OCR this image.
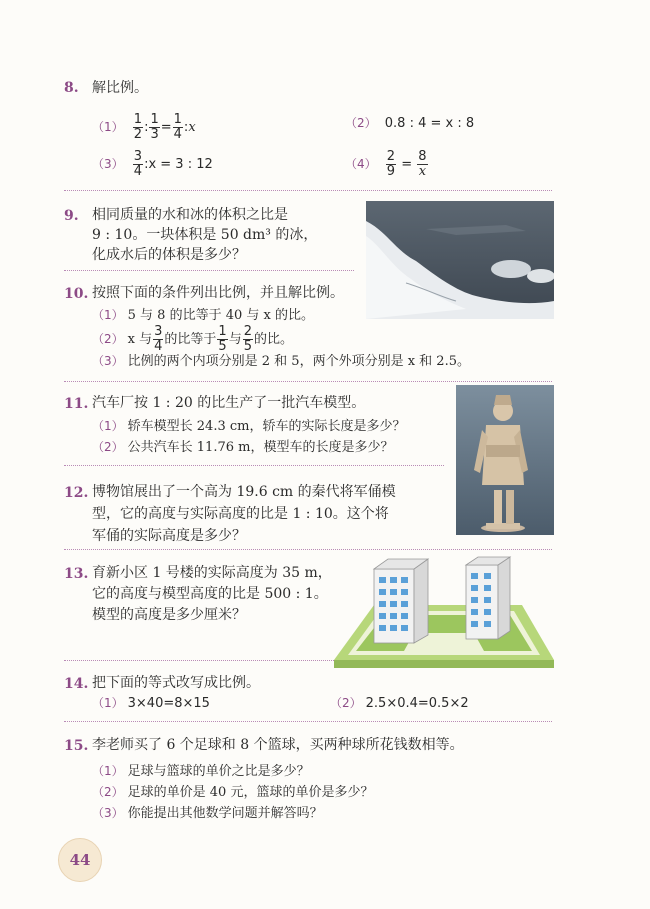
8. 解比例。
$(1) \frac{1}{2}$ : $\frac{1}{3} = \frac{1}{4}$ :x	（2） 0.8 : 4 = x : 8
$(3) \frac{3}{4}$ :x = 3 : 12	$(4) \frac{2}{9} = \frac{8}{x}$
9. 相同质量的水和冰的体积之比是
9 : 10。一块体积是 50 dm³ 的冰，
化成水后的体积是多少？
10. 按照下面的条件列出比例，并且解比例。
（1） 5 与 8 的比等于 40 与 x 的比。
（2） x 与 $\frac{3}{4}$ 的比等于 $\frac{1}{5}$ 与 $\frac{2}{5}$ 的比。
（3） 比例的两个内项分别是 2 和 5，两个外项分别是 x 和 2.5。
11. 汽车厂按 1 : 20 的比生产了一批汽车模型。
（1） 轿车模型长 24.3 cm，轿车的实际长度是多少？
（2） 公共汽车长 11.76 m，模型车的长度是多少？
12. 博物馆展出了一个高为 19.6 cm 的秦代将军俑模
型，它的高度与实际高度的比是 1 : 10。这个将
军俑的实际高度是多少？
13. 育新小区 1 号楼的实际高度为 35 m，
它的高度与模型高度的比是 500 : 1。
模型的高度是多少厘米？
14. 把下面的等式改写成比例。
（1） 3×40=8×15	（2） 2.5×0.4=0.5×2
15. 李老师买了 6 个足球和 8 个篮球，买两种球所花钱数相等。
（1） 足球与篮球的单价之比是多少？
（2） 足球的单价是 40 元，篮球的单价是多少？
（3） 你能提出其他数学问题并解答吗？
44
